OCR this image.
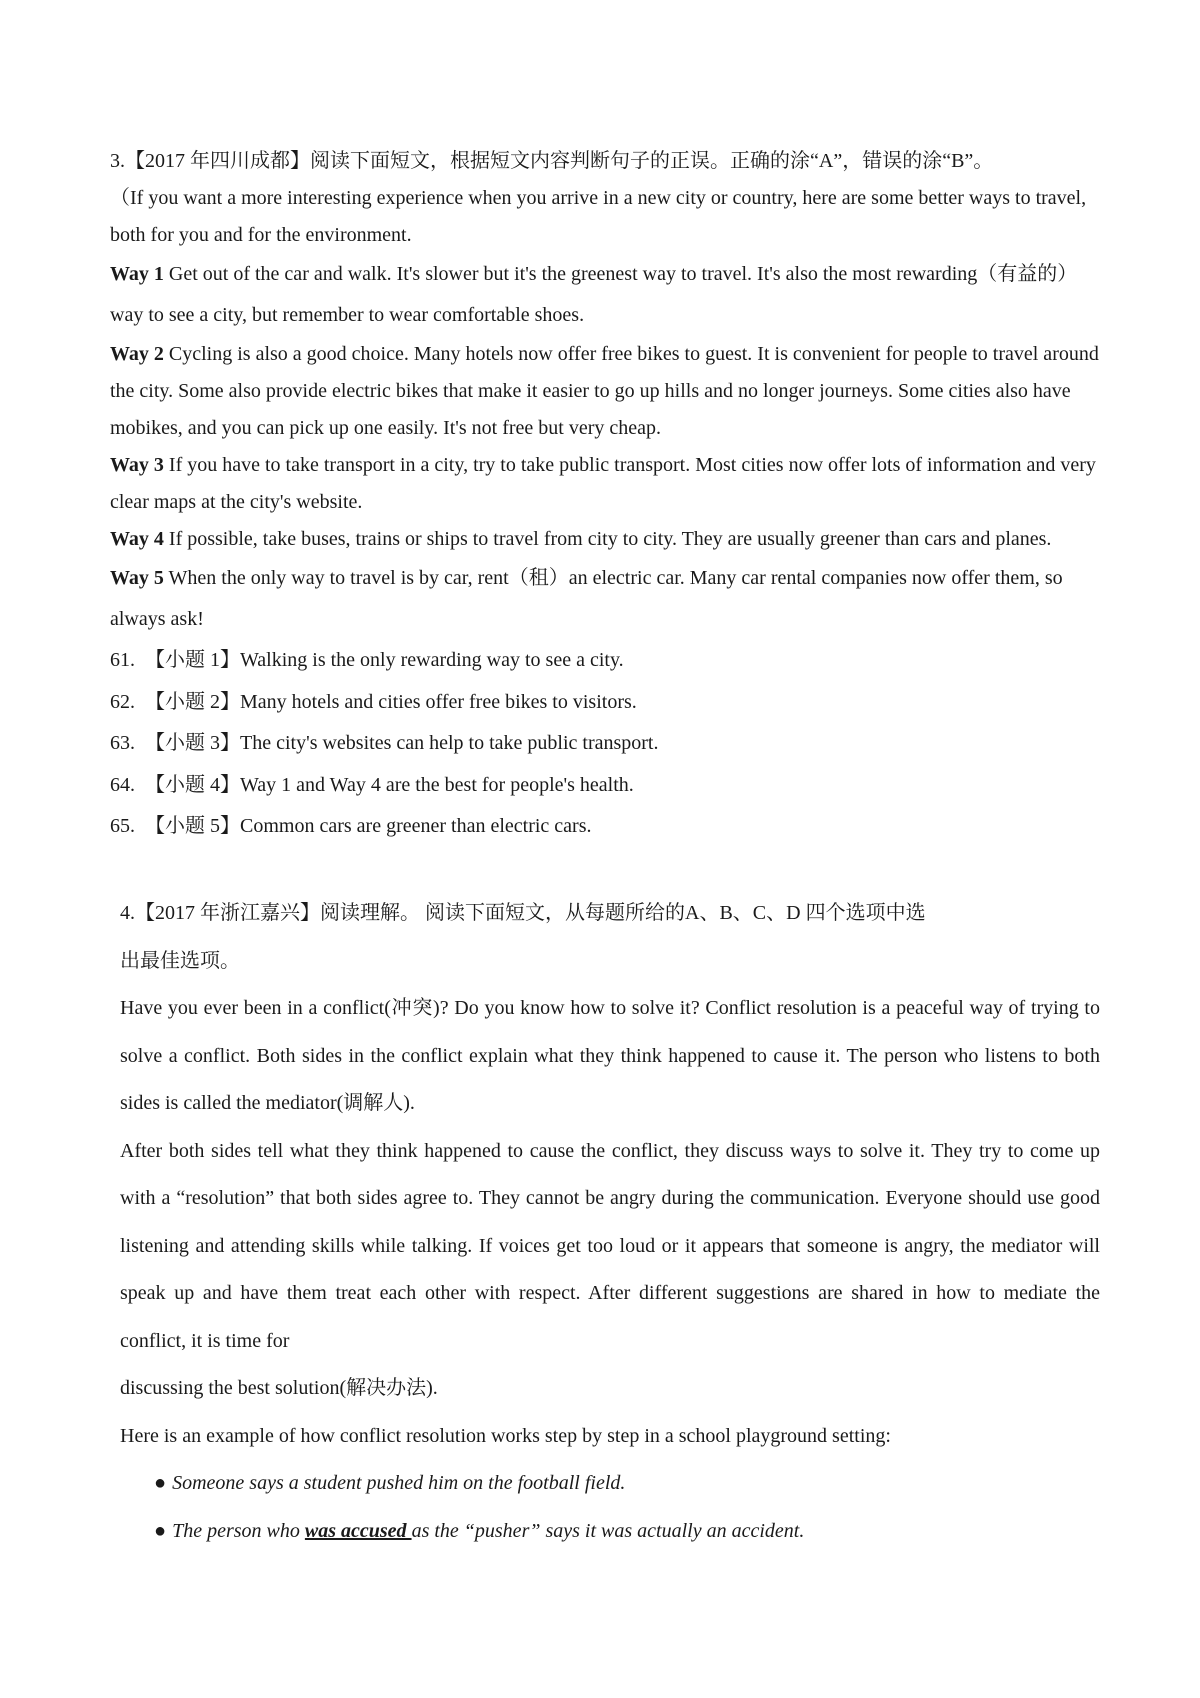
3.【2017 年四川成都】阅读下面短文，根据短文内容判断句子的正误。正确的涂“A”，错误的涂“B”。
（If you want a more interesting experience when you arrive in a new city or country, here are some better ways to travel, both for you and for the environment.
Way 1 Get out of the car and walk. It's slower but it's the greenest way to travel. It's also the most rewarding（有益的）way to see a city, but remember to wear comfortable shoes.
Way 2 Cycling is also a good choice. Many hotels now offer free bikes to guest. It is convenient for people to travel around the city. Some also provide electric bikes that make it easier to go up hills and no longer journeys. Some cities also have mobikes, and you can pick up one easily. It's not free but very cheap.
Way 3 If you have to take transport in a city, try to take public transport. Most cities now offer lots of information and very clear maps at the city's website.
Way 4 If possible, take buses, trains or ships to travel from city to city. They are usually greener than cars and planes.
Way 5 When the only way to travel is by car, rent（租）an electric car. Many car rental companies now offer them, so always ask!
61. 【小题 1】Walking is the only rewarding way to see a city.
62. 【小题 2】Many hotels and cities offer free bikes to visitors.
63. 【小题 3】The city's websites can help to take public transport.
64. 【小题 4】Way 1 and Way 4 are the best for people's health.
65. 【小题 5】Common cars are greener than electric cars.
4.【2017 年浙江嘉兴】阅读理解。 阅读下面短文，从每题所给的A、B、C、D 四个选项中选
出最佳选项。
Have you ever been in a conflict(冲突)? Do you know how to solve it? Conflict resolution is a peaceful way of trying to solve a conflict. Both sides in the conflict explain what they think happened to cause it. The person who listens to both sides is called the mediator(调解人).
After both sides tell what they think happened to cause the conflict, they discuss ways to solve it. They try to come up with a “resolution” that both sides agree to. They cannot be angry during the communication. Everyone should use good listening and attending skills while talking. If voices get too loud or it appears that someone is angry, the mediator will speak up and have them treat each other with respect. After different suggestions are shared in how to mediate the conflict, it is time for
discussing the best solution(解决办法).
Here is an example of how conflict resolution works step by step in a school playground setting:
● Someone says a student pushed him on the football field.
● The person who was accused as the “pusher” says it was actually an accident.
